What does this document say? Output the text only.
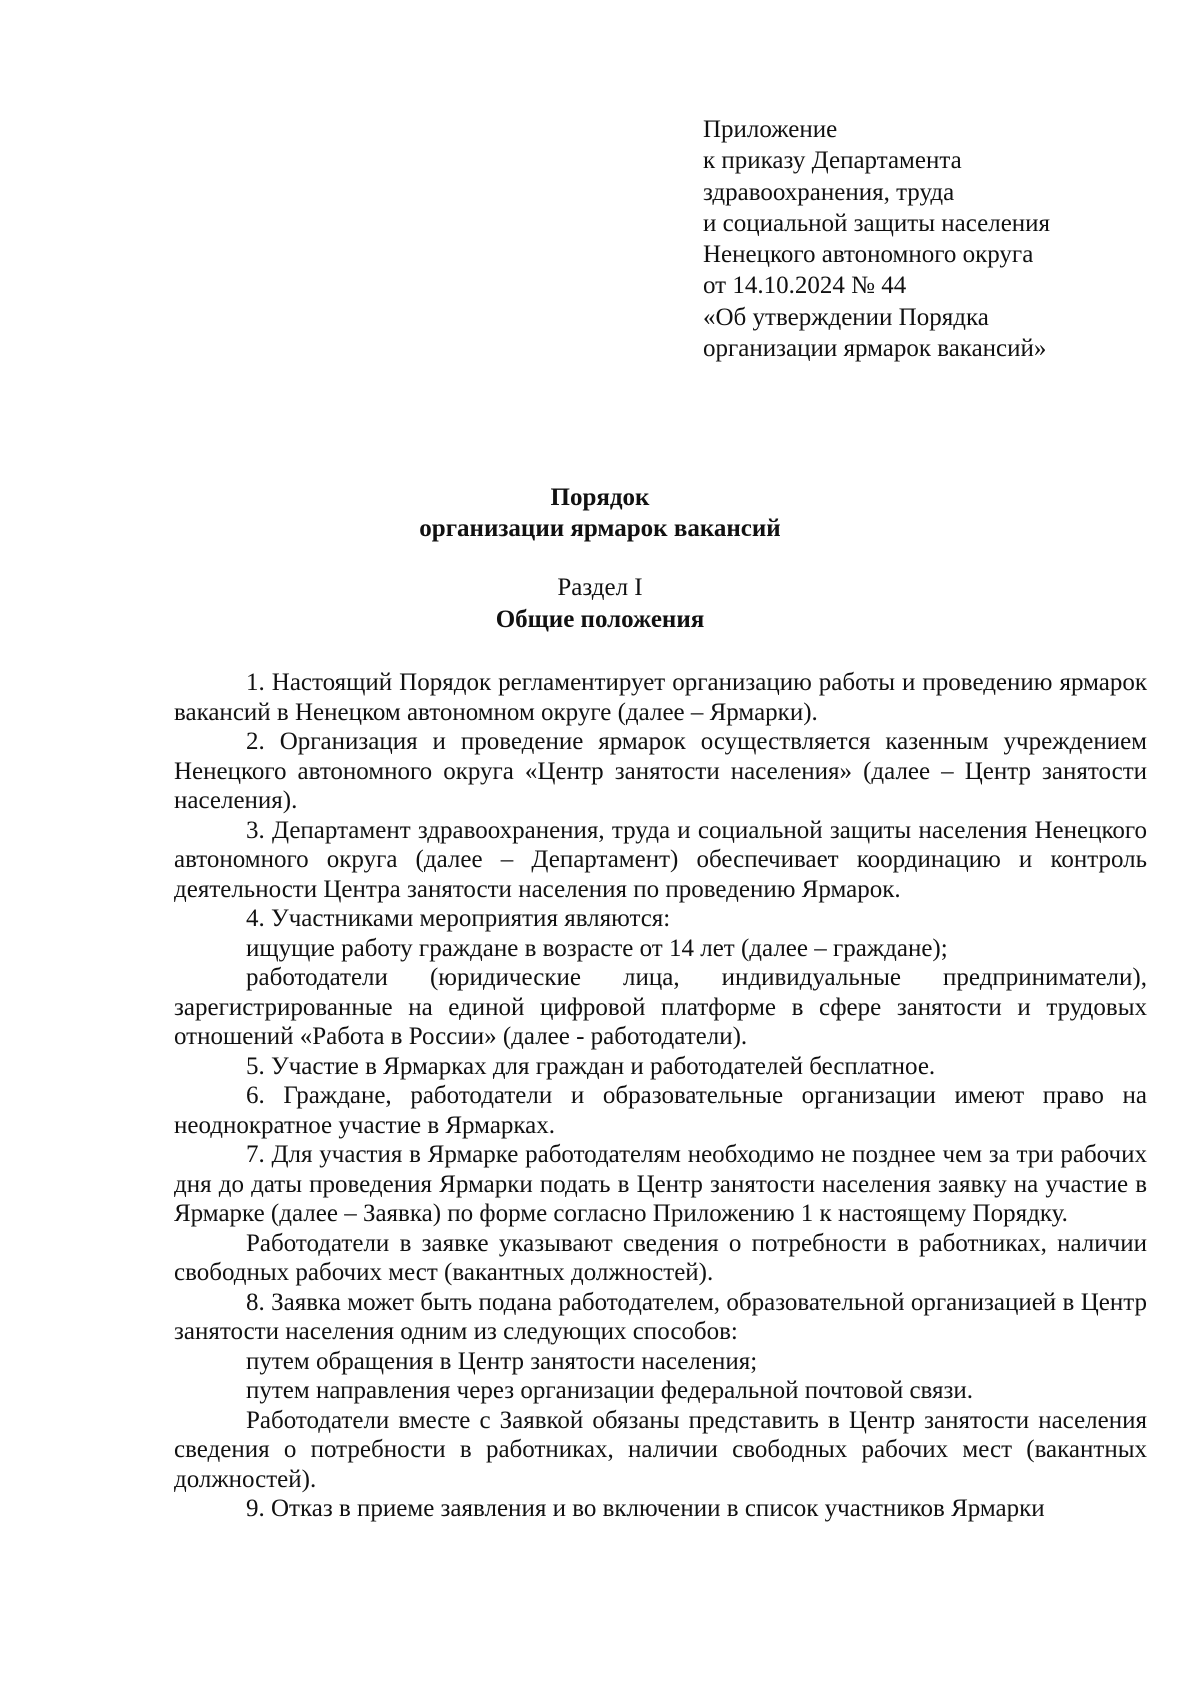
Приложение
к приказу Департамента
здравоохранения, труда
и социальной защиты населения
Ненецкого автономного округа
от 14.10.2024 № 44
«Об утверждении Порядка
организации ярмарок вакансий»
Порядок
организации ярмарок вакансий
Раздел I
Общие положения

1. Настоящий Порядок регламентирует организацию работы и проведению ярмарок вакансий в Ненецком автономном округе (далее – Ярмарки).

2. Организация и проведение ярмарок осуществляется казенным учреждением Ненецкого автономного округа «Центр занятости населения» (далее – Центр занятости населения).

3. Департамент здравоохранения, труда и социальной защиты населения Ненецкого автономного округа (далее – Департамент) обеспечивает координацию и контроль деятельности Центра занятости населения по проведению Ярмарок.

4. Участниками мероприятия являются:

ищущие работу граждане в возрасте от 14 лет (далее – граждане);

работодатели (юридические лица, индивидуальные предприниматели), зарегистрированные на единой цифровой платформе в сфере занятости и трудовых отношений «Работа в России» (далее - работодатели).

5. Участие в Ярмарках для граждан и работодателей бесплатное.

6. Граждане, работодатели и образовательные организации имеют право на неоднократное участие в Ярмарках.

7. Для участия в Ярмарке работодателям необходимо не позднее чем за три рабочих дня до даты проведения Ярмарки подать в Центр занятости населения заявку на участие в Ярмарке (далее – Заявка) по форме согласно Приложению 1 к настоящему Порядку.

Работодатели в заявке указывают сведения о потребности в работниках, наличии свободных рабочих мест (вакантных должностей).

8. Заявка может быть подана работодателем, образовательной организацией в Центр занятости населения одним из следующих способов:

путем обращения в Центр занятости населения;

путем направления через организации федеральной почтовой связи.

Работодатели вместе с Заявкой обязаны представить в Центр занятости населения сведения о потребности в работниках, наличии свободных рабочих мест (вакантных должностей).

9. Отказ в приеме заявления и во включении в список участников Ярмарки
